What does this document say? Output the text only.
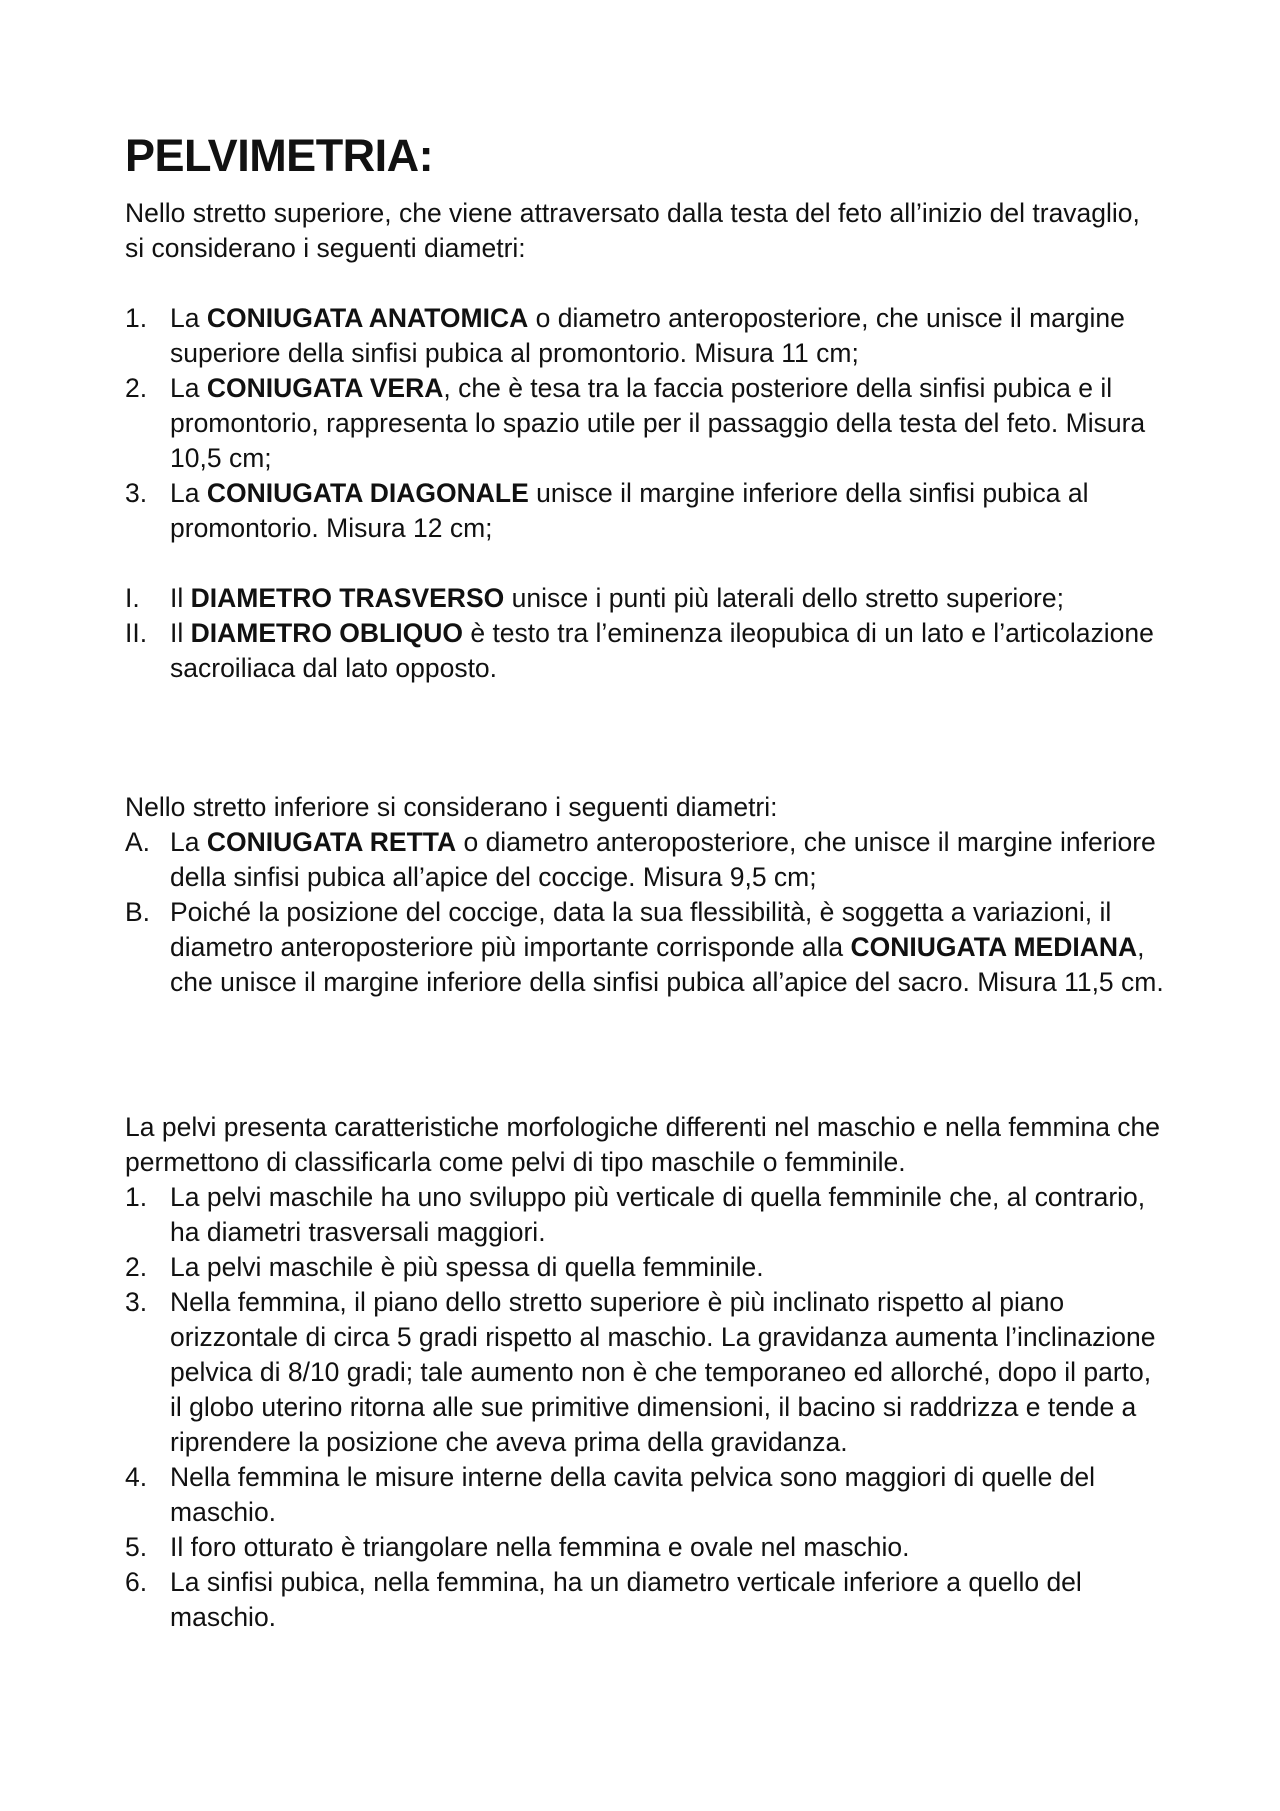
PELVIMETRIA:

Nello stretto superiore, che viene attraversato dalla testa del feto all’inizio del travaglio, si considerano i seguenti diametri:

1. La CONIUGATA ANATOMICA o diametro anteroposteriore, che unisce il margine superiore della sinfisi pubica al promontorio. Misura 11 cm;
2. La CONIUGATA VERA, che è tesa tra la faccia posteriore della sinfisi pubica e il promontorio, rappresenta lo spazio utile per il passaggio della testa del feto. Misura 10,5 cm;
3. La CONIUGATA DIAGONALE unisce il margine inferiore della sinfisi pubica al promontorio. Misura 12 cm;
I. Il DIAMETRO TRASVERSO unisce i punti più laterali dello stretto superiore;
II. Il DIAMETRO OBLIQUO è testo tra l’eminenza ileopubica di un lato e l’articolazione sacroiliaca dal lato opposto.

Nello stretto inferiore si considerano i seguenti diametri:

A. La CONIUGATA RETTA o diametro anteroposteriore, che unisce il margine inferiore della sinfisi pubica all’apice del coccige. Misura 9,5 cm;
B. Poiché la posizione del coccige, data la sua flessibilità, è soggetta a variazioni, il diametro anteroposteriore più importante corrisponde alla CONIUGATA MEDIANA, che unisce il margine inferiore della sinfisi pubica all’apice del sacro. Misura 11,5 cm.

La pelvi presenta caratteristiche morfologiche differenti nel maschio e nella femmina che permettono di classificarla come pelvi di tipo maschile o femminile.

1. La pelvi maschile ha uno sviluppo più verticale di quella femminile che, al contrario, ha diametri trasversali maggiori.
2. La pelvi maschile è più spessa di quella femminile.
3. Nella femmina, il piano dello stretto superiore è più inclinato rispetto al piano orizzontale di circa 5 gradi rispetto al maschio. La gravidanza aumenta l’inclinazione pelvica di 8/10 gradi; tale aumento non è che temporaneo ed allorché, dopo il parto, il globo uterino ritorna alle sue primitive dimensioni, il bacino si raddrizza e tende a riprendere la posizione che aveva prima della gravidanza.
4. Nella femmina le misure interne della cavita pelvica sono maggiori di quelle del maschio.
5. Il foro otturato è triangolare nella femmina e ovale nel maschio.
6. La sinfisi pubica, nella femmina, ha un diametro verticale inferiore a quello del maschio.
